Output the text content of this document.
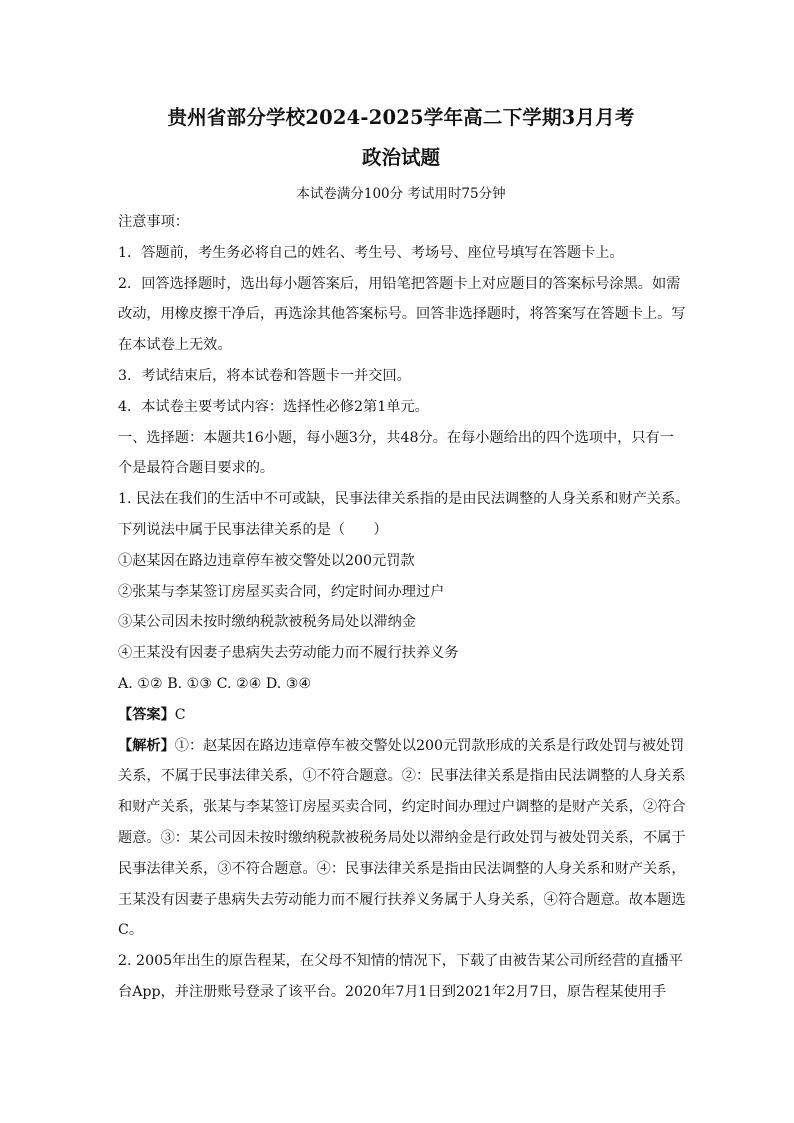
贵州省部分学校2024-2025学年高二下学期3月月考
政治试题

本试卷满分100分 考试用时75分钟

注意事项：

1．答题前，考生务必将自己的姓名、考生号、考场号、座位号填写在答题卡上。

2．回答选择题时，选出每小题答案后，用铅笔把答题卡上对应题目的答案标号涂黑。如需

改动，用橡皮擦干净后，再选涂其他答案标号。回答非选择题时，将答案写在答题卡上。写

在本试卷上无效。

3．考试结束后，将本试卷和答题卡一并交回。

4．本试卷主要考试内容：选择性必修2第1单元。

一、选择题：本题共16小题，每小题3分，共48分。在每小题给出的四个选项中，只有一

个是最符合题目要求的。

1. 民法在我们的生活中不可或缺，民事法律关系指的是由民法调整的人身关系和财产关系。

下列说法中属于民事法律关系的是（　　）

①赵某因在路边违章停车被交警处以200元罚款

②张某与李某签订房屋买卖合同，约定时间办理过户

③某公司因未按时缴纳税款被税务局处以滞纳金

④王某没有因妻子患病失去劳动能力而不履行扶养义务

A. ①② B. ①③ C. ②④ D. ③④

【答案】C

【解析】①：赵某因在路边违章停车被交警处以200元罚款形成的关系是行政处罚与被处罚

关系，不属于民事法律关系，①不符合题意。②：民事法律关系是指由民法调整的人身关系

和财产关系，张某与李某签订房屋买卖合同，约定时间办理过户调整的是财产关系，②符合

题意。③：某公司因未按时缴纳税款被税务局处以滞纳金是行政处罚与被处罚关系，不属于

民事法律关系，③不符合题意。④：民事法律关系是指由民法调整的人身关系和财产关系，

王某没有因妻子患病失去劳动能力而不履行扶养义务属于人身关系，④符合题意。故本题选

C。

2. 2005年出生的原告程某，在父母不知情的情况下，下载了由被告某公司所经营的直播平

台App，并注册账号登录了该平台。2020年7月1日到2021年2月7日，原告程某使用手
